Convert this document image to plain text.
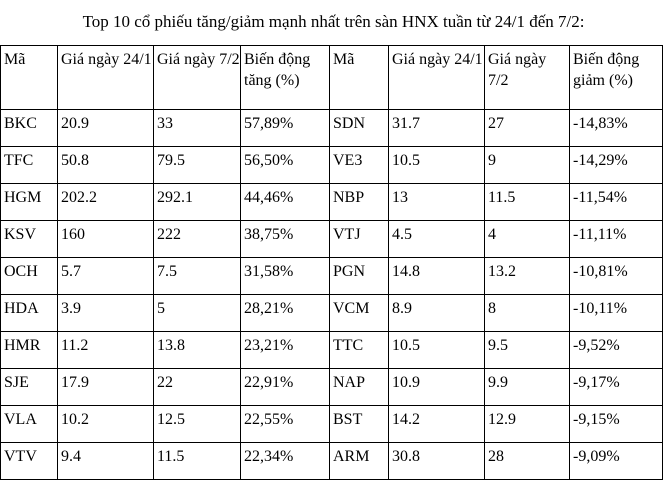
Top 10 cổ phiếu tăng/giảm mạnh nhất trên sàn HNX tuần từ 24/1 đến 7/2:
Mã	Giá ngày 24/1	Giá ngày 7/2	Biến động tăng (%)	Mã	Giá ngày 24/1	Giá ngày 7/2	Biến động giảm (%)
BKC	20.9	33	57,89%	SDN	31.7	27	-14,83%
TFC	50.8	79.5	56,50%	VE3	10.5	9	-14,29%
HGM	202.2	292.1	44,46%	NBP	13	11.5	-11,54%
KSV	160	222	38,75%	VTJ	4.5	4	-11,11%
OCH	5.7	7.5	31,58%	PGN	14.8	13.2	-10,81%
HDA	3.9	5	28,21%	VCM	8.9	8	-10,11%
HMR	11.2	13.8	23,21%	TTC	10.5	9.5	-9,52%
SJE	17.9	22	22,91%	NAP	10.9	9.9	-9,17%
VLA	10.2	12.5	22,55%	BST	14.2	12.9	-9,15%
VTV	9.4	11.5	22,34%	ARM	30.8	28	-9,09%
